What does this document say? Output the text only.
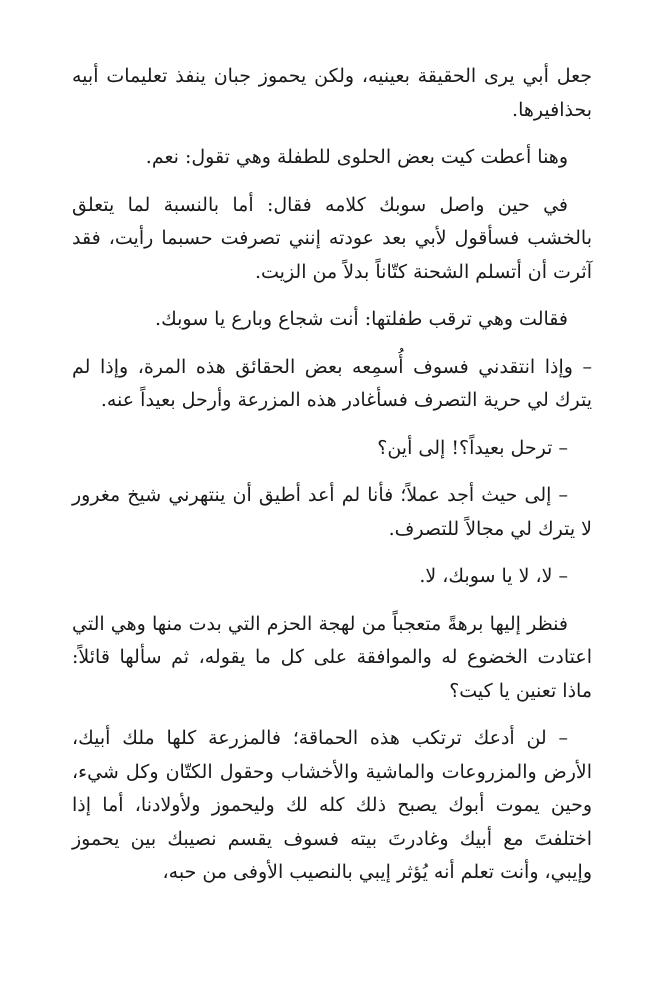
جعل أبي يرى الحقيقة بعينيه، ولكن يحموز جبان ينفذ تعليمات أبيه بحذافيرها.

وهنا أعطت كيت بعض الحلوى للطفلة وهي تقول: نعم.

في حين واصل سوبك كلامه فقال: أما بالنسبة لما يتعلق بالخشب فسأقول لأبي بعد عودته إنني تصرفت حسبما رأيت، فقد آثرت أن أتسلم الشحنة كتّاناً بدلاً من الزيت.

فقالت وهي ترقب طفلتها: أنت شجاع وبارع يا سوبك.

– وإذا انتقدني فسوف أُسمِعه بعض الحقائق هذه المرة، وإذا لم يترك لي حرية التصرف فسأغادر هذه المزرعة وأرحل بعيداً عنه.

– ترحل بعيداً؟! إلى أين؟

– إلى حيث أجد عملاً؛ فأنا لم أعد أطيق أن ينتهرني شيخ مغرور لا يترك لي مجالاً للتصرف.

– لا، لا يا سوبك، لا.

فنظر إليها برهةً متعجباً من لهجة الحزم التي بدت منها وهي التي اعتادت الخضوع له والموافقة على كل ما يقوله، ثم سألها قائلاً: ماذا تعنين يا كيت؟

– لن أدعك ترتكب هذه الحماقة؛ فالمزرعة كلها ملك أبيك، الأرض والمزروعات والماشية والأخشاب وحقول الكتّان وكل شيء، وحين يموت أبوك يصبح ذلك كله لك وليحموز ولأولادنا، أما إذا اختلفتَ مع أبيك وغادرتَ بيته فسوف يقسم نصيبك بين يحموز وإيبي، وأنت تعلم أنه يُؤثر إيبي بالنصيب الأوفى من حبه،
